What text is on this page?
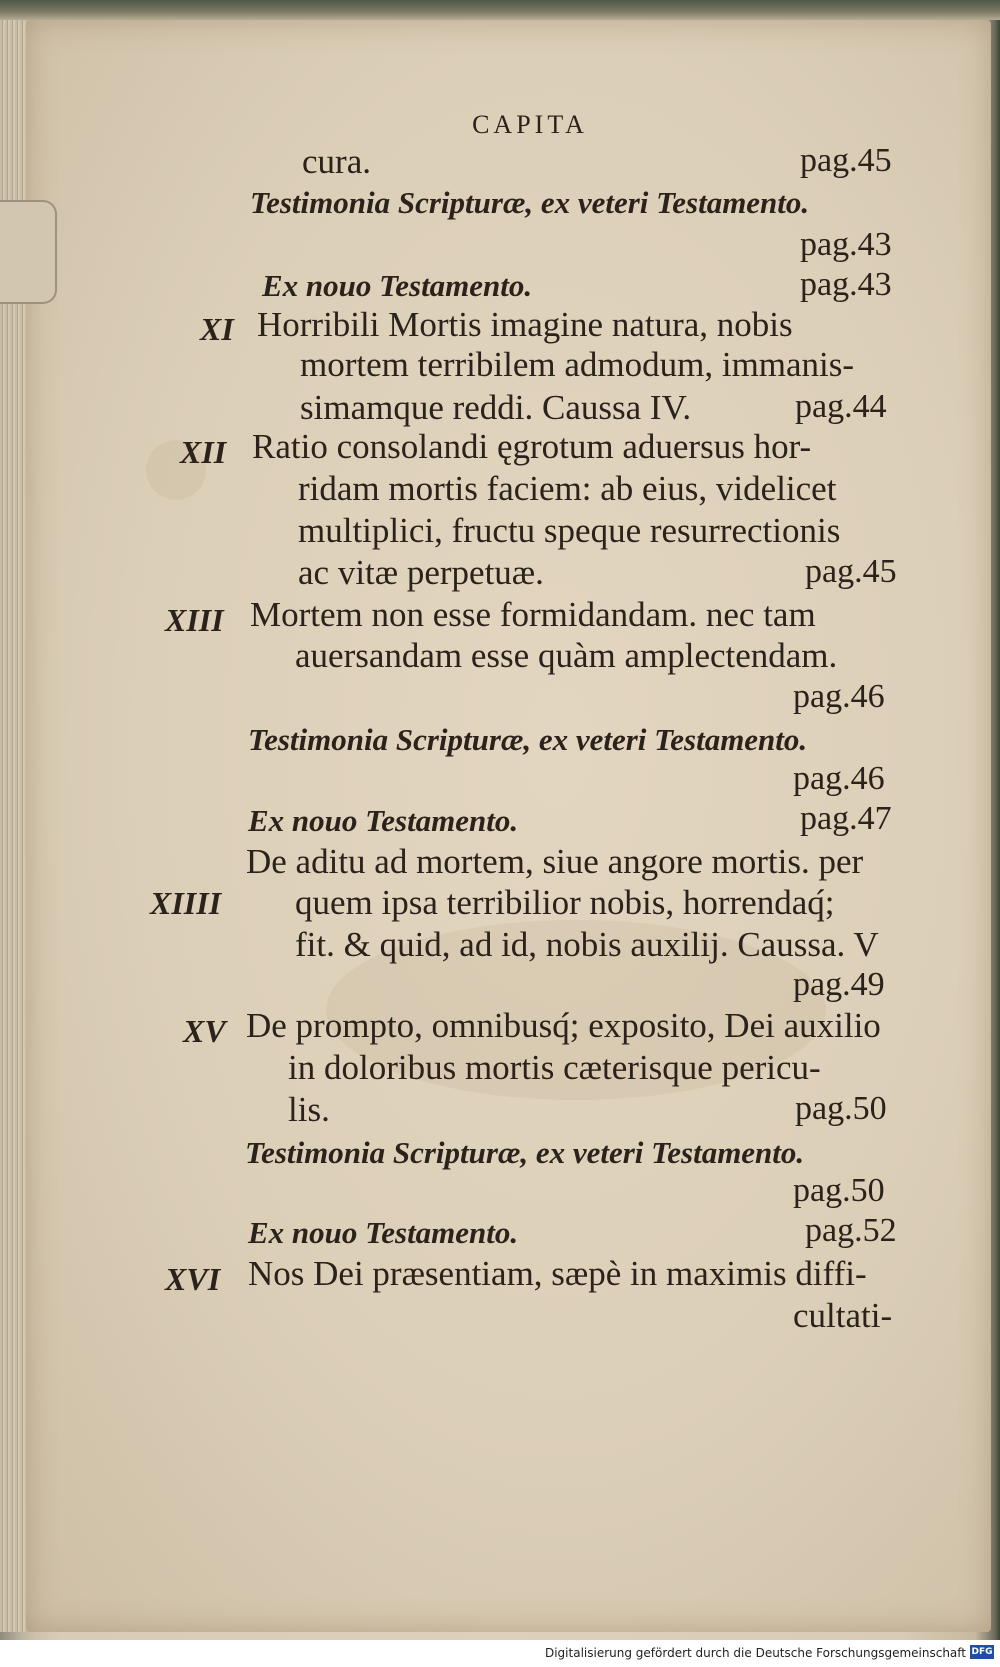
CAPITA
cura.	pag.45
Testimonia Scripturæ, ex veteri Testamento.
pag.43
Ex nouo Testamento.	pag.43
XI Horribili Mortis imagine natura, nobis
mortem terribilem admodum, immanis-
simamque reddi. Caussa IV.	pag.44
XII Ratio consolandi ęgrotum aduersus hor-
ridam mortis faciem: ab eius, videlicet
multiplici, fructu speque resurrectionis
ac vitæ perpetuæ.	pag.45
XIII Mortem non esse formidandam. nec tam
auersandam esse quàm amplectendam.
pag.46
Testimonia Scripturæ, ex veteri Testamento.
pag.46
Ex nouo Testamento.	pag.47
XIIII
De aditu ad mortem, siue angore mortis. per
quem ipsa terribilior nobis, horrendaq́;
fit. & quid, ad id, nobis auxilij. Caussa. V
pag.49
XV De prompto, omnibusq́; exposito, Dei auxilio
in doloribus mortis cæterisque pericu-
lis.	pag.50
Testimonia Scripturæ, ex veteri Testamento.
pag.50
Ex nouo Testamento.	pag.52
XVI Nos Dei præsentiam, sæpè in maximis diffi-
cultati-
Digitalisierung gefördert durch die Deutsche Forschungsgemeinschaft DFG
